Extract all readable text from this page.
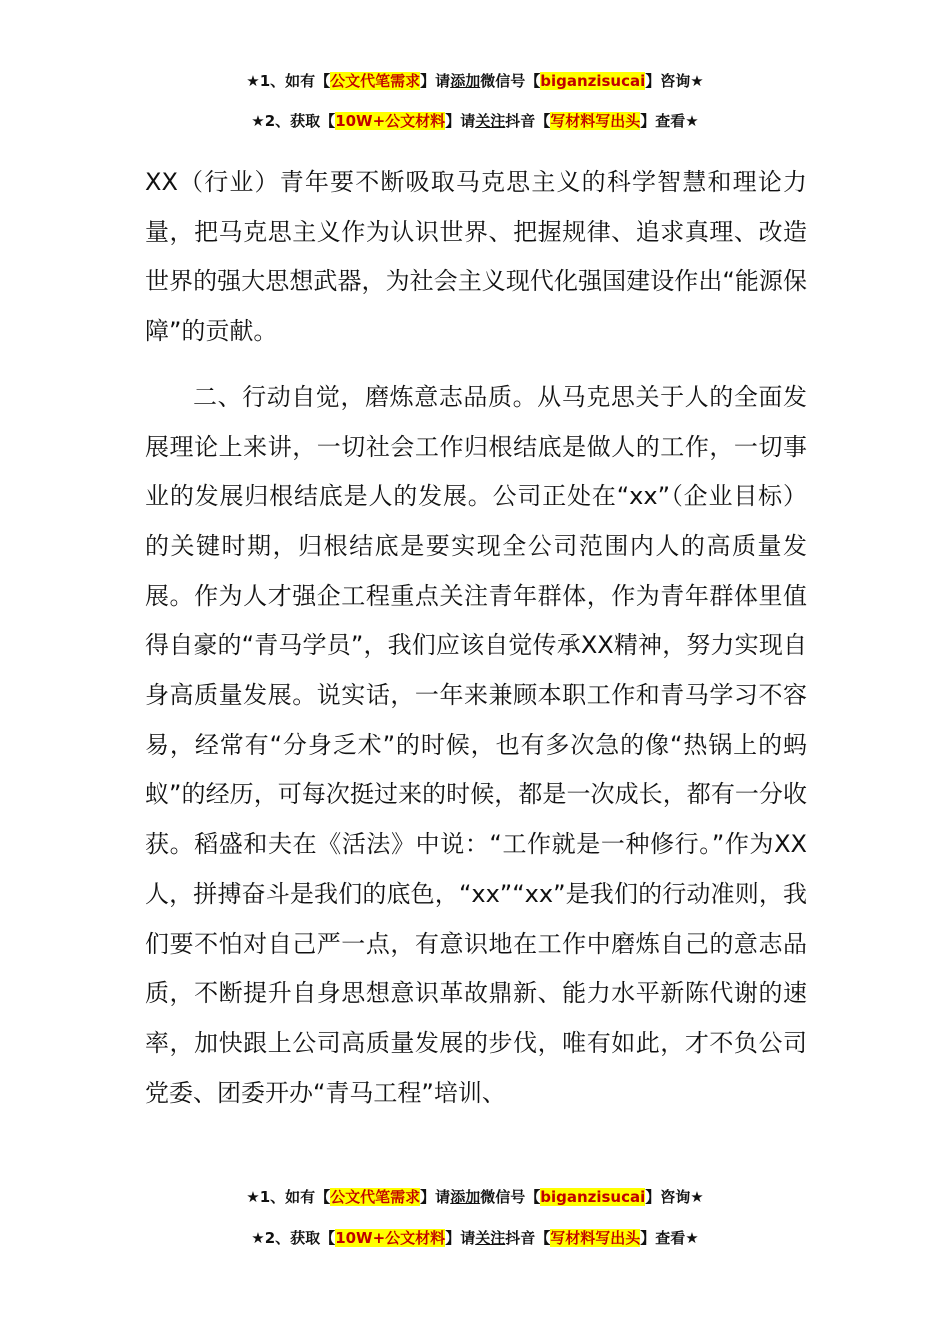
★1、如有【公文代笔需求】请添加微信号【biganzisucai】咨询★
★2、获取【10W+公文材料】请关注抖音【写材料写出头】查看★

XX（行业）青年要不断吸取马克思主义的科学智慧和理论力量，把马克思主义作为认识世界、把握规律、追求真理、改造世界的强大思想武器，为社会主义现代化强国建设作出“能源保障”的贡献。

二、行动自觉，磨炼意志品质。从马克思关于人的全面发展理论上来讲，一切社会工作归根结底是做人的工作，一切事业的发展归根结底是人的发展。公司正处在“xx”（企业目标）的关键时期，归根结底是要实现全公司范围内人的高质量发展。作为人才强企工程重点关注青年群体，作为青年群体里值得自豪的“青马学员”，我们应该自觉传承XX精神，努力实现自身高质量发展。说实话，一年来兼顾本职工作和青马学习不容易，经常有“分身乏术”的时候，也有多次急的像“热锅上的蚂蚁”的经历，可每次挺过来的时候，都是一次成长，都有一分收获。稻盛和夫在《活法》中说：“工作就是一种修行。”作为XX人，拼搏奋斗是我们的底色，“xx”“xx”是我们的行动准则，我们要不怕对自己严一点，有意识地在工作中磨炼自己的意志品质，不断提升自身思想意识革故鼎新、能力水平新陈代谢的速率，加快跟上公司高质量发展的步伐，唯有如此，才不负公司党委、团委开办“青马工程”培训、

★1、如有【公文代笔需求】请添加微信号【biganzisucai】咨询★
★2、获取【10W+公文材料】请关注抖音【写材料写出头】查看★
